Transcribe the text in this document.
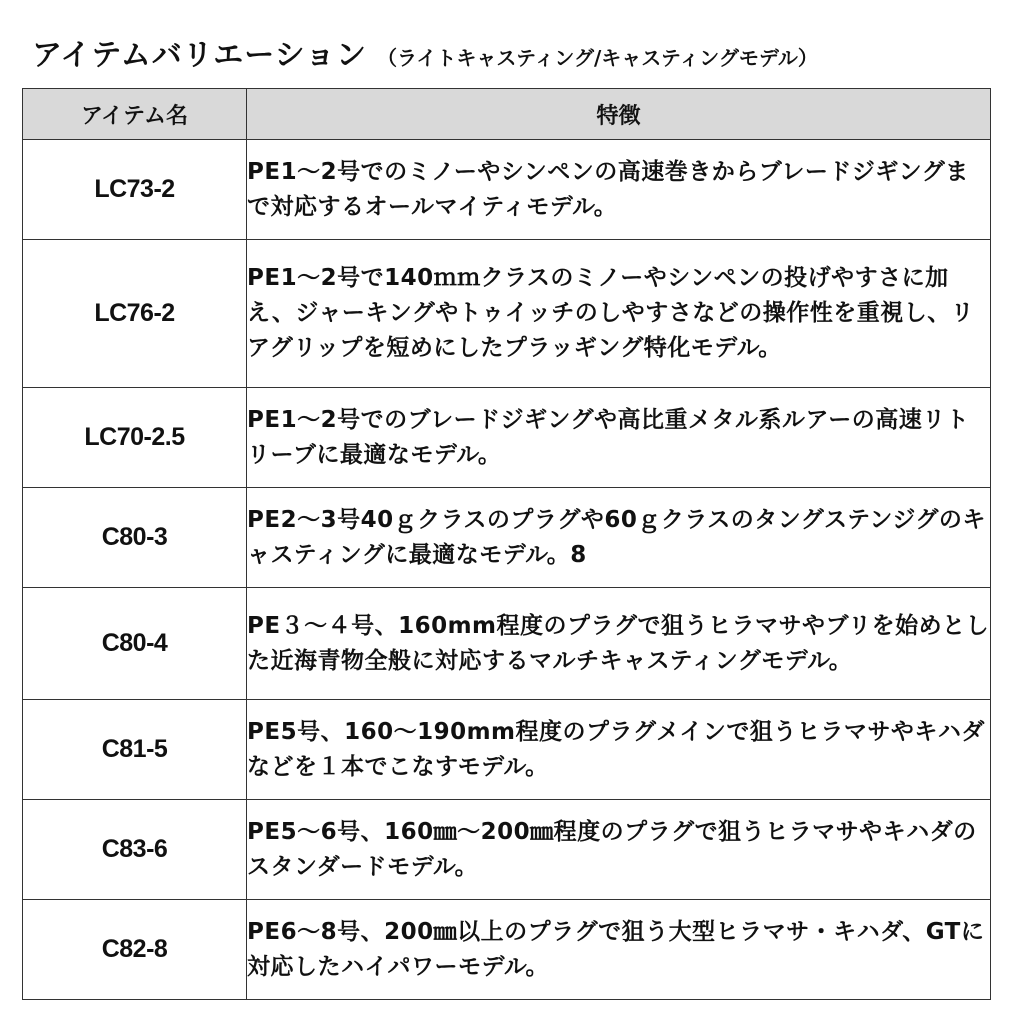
アイテムバリエーション （ライトキャスティング/キャスティングモデル）
アイテム名	特徴
LC73-2	PE1～2号でのミノーやシンペンの高速巻きからブレードジギングまで対応するオールマイティモデル。
LC76-2	PE1～2号で140ｍｍクラスのミノーやシンペンの投げやすさに加え、ジャーキングやトゥイッチのしやすさなどの操作性を重視し、リアグリップを短めにしたプラッギング特化モデル。
LC70-2.5	PE1～2号でのブレードジギングや高比重メタル系ルアーの高速リトリーブに最適なモデル。
C80-3	PE2～3号40ｇクラスのプラグや60ｇクラスのタングステンジグのキャスティングに最適なモデル。8
C80-4	PE３～４号、160mm程度のプラグで狙うヒラマサやブリを始めとした近海青物全般に対応するマルチキャスティングモデル。
C81-5	PE5号、160～190mm程度のプラグメインで狙うヒラマサやキハダなどを１本でこなすモデル。
C83-6	PE5～6号、160㎜～200㎜程度のプラグで狙うヒラマサやキハダのスタンダードモデル。
C82-8	PE6～8号、200㎜以上のプラグで狙う大型ヒラマサ・キハダ、GTに対応したハイパワーモデル。
